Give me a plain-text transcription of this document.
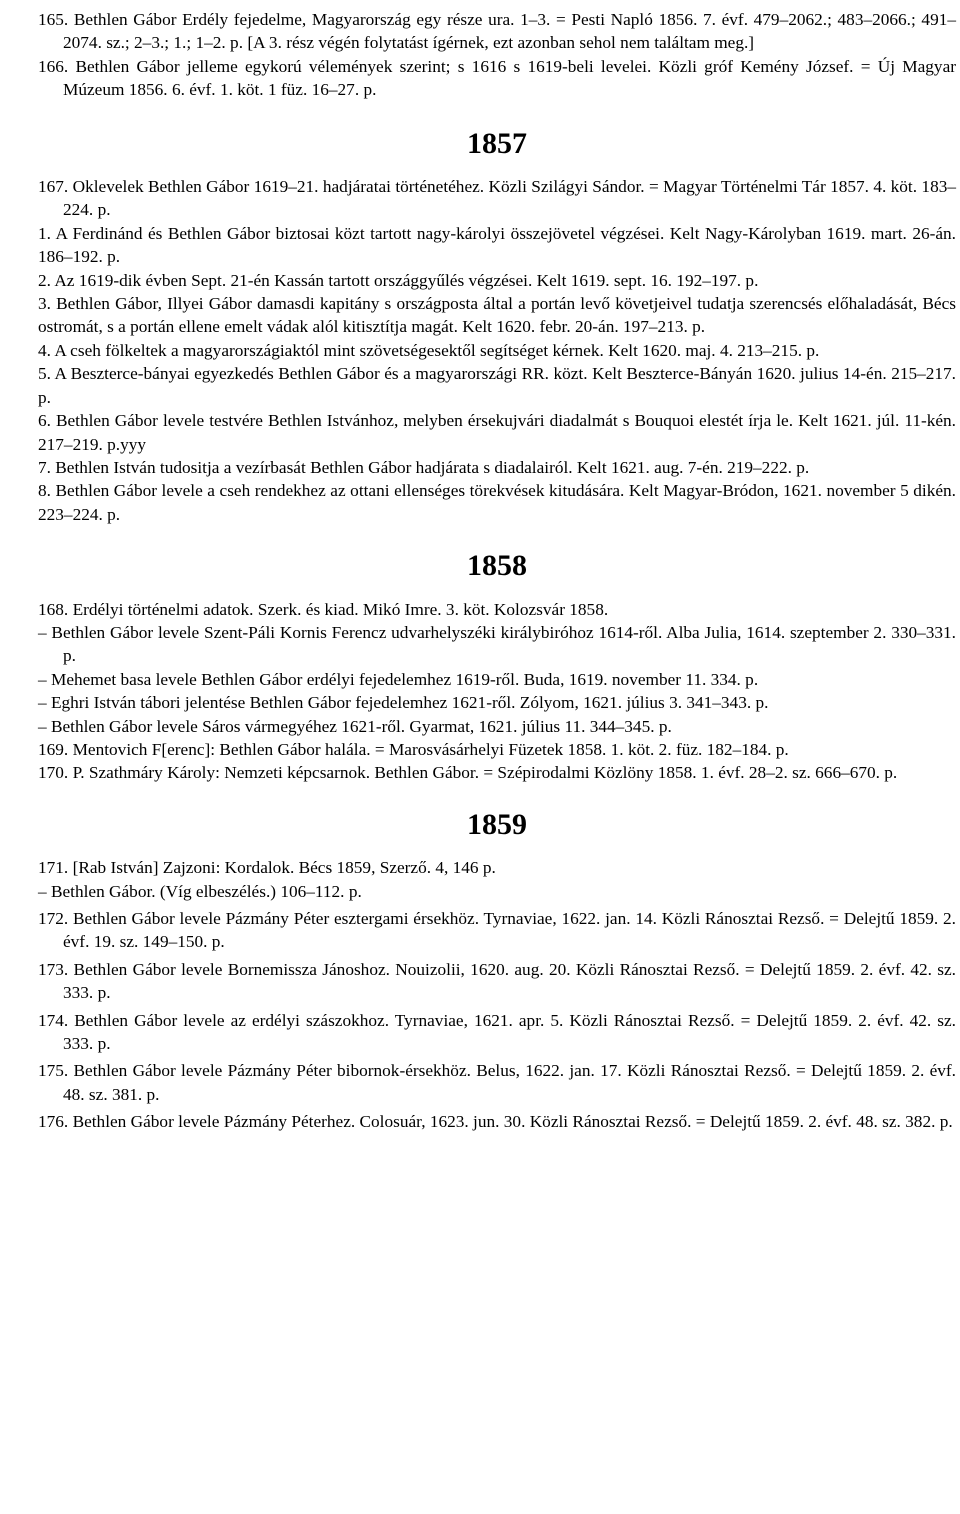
165. Bethlen Gábor Erdély fejedelme, Magyarország egy része ura. 1–3. = Pesti Napló 1856. 7. évf. 479–2062.; 483–2066.; 491–2074. sz.; 2–3.; 1.; 1–2. p. [A 3. rész végén folytatást ígérnek, ezt azonban sehol nem találtam meg.]

166. Bethlen Gábor jelleme egykorú vélemények szerint; s 1616 s 1619-beli levelei. Közli gróf Kemény József. = Új Magyar Múzeum 1856. 6. évf. 1. köt. 1 füz. 16–27. p.

1857

167. Oklevelek Bethlen Gábor 1619–21. hadjáratai történetéhez. Közli Szilágyi Sándor. = Magyar Történelmi Tár 1857. 4. köt. 183–224. p.

1. A Ferdinánd és Bethlen Gábor biztosai közt tartott nagy-károlyi összejövetel végzései. Kelt Nagy-Károlyban 1619. mart. 26-án. 186–192. p.

2. Az 1619-dik évben Sept. 21-én Kassán tartott országgyűlés végzései. Kelt 1619. sept. 16. 192–197. p.

3. Bethlen Gábor, Illyei Gábor damasdi kapitány s országposta által a portán levő követjeivel tudatja szerencsés előhaladását, Bécs ostromát, s a portán ellene emelt vádak alól kitisztítja magát. Kelt 1620. febr. 20-án. 197–213. p.

4. A cseh fölkeltek a magyarországiaktól mint szövetségesektől segítséget kérnek. Kelt 1620. maj. 4. 213–215. p.

5. A Beszterce-bányai egyezkedés Bethlen Gábor és a magyarországi RR. közt. Kelt Beszterce-Bányán 1620. julius 14-én. 215–217. p.

6. Bethlen Gábor levele testvére Bethlen Istvánhoz, melyben érsekujvári diadalmát s Bouquoi elestét írja le. Kelt 1621. júl. 11-kén. 217–219. p.yyy

7. Bethlen István tudositja a vezírbasát Bethlen Gábor hadjárata s diadalairól. Kelt 1621. aug. 7-én. 219–222. p.

8. Bethlen Gábor levele a cseh rendekhez az ottani ellenséges törekvések kitudására. Kelt Magyar-Bródon, 1621. november 5 dikén. 223–224. p.

1858

168. Erdélyi történelmi adatok. Szerk. és kiad. Mikó Imre. 3. köt. Kolozsvár 1858.

– Bethlen Gábor levele Szent-Páli Kornis Ferencz udvarhelyszéki királybiróhoz 1614-ről. Alba Julia, 1614. szeptember 2. 330–331. p.

– Mehemet basa levele Bethlen Gábor erdélyi fejedelemhez 1619-ről. Buda, 1619. november 11. 334. p.

– Eghri István tábori jelentése Bethlen Gábor fejedelemhez 1621-ről. Zólyom, 1621. július 3. 341–343. p.

– Bethlen Gábor levele Sáros vármegyéhez 1621-ről. Gyarmat, 1621. július 11. 344–345. p.

169. Mentovich F[erenc]: Bethlen Gábor halála. = Marosvásárhelyi Füzetek 1858. 1. köt. 2. füz. 182–184. p.

170. P. Szathmáry Károly: Nemzeti képcsarnok. Bethlen Gábor. = Szépirodalmi Közlöny 1858. 1. évf. 28–2. sz. 666–670. p.

1859

171. [Rab István] Zajzoni: Kordalok. Bécs 1859, Szerző. 4, 146 p.

– Bethlen Gábor. (Víg elbeszélés.) 106–112. p.

172. Bethlen Gábor levele Pázmány Péter esztergami érsekhöz. Tyrnaviae, 1622. jan. 14. Közli Ránosztai Rezső. = Delejtű 1859. 2. évf. 19. sz. 149–150. p.

173. Bethlen Gábor levele Bornemissza Jánoshoz. Nouizolii, 1620. aug. 20. Közli Ránosztai Rezső. = Delejtű 1859. 2. évf. 42. sz. 333. p.

174. Bethlen Gábor levele az erdélyi szászokhoz. Tyrnaviae, 1621. apr. 5. Közli Ránosztai Rezső. = Delejtű 1859. 2. évf. 42. sz. 333. p.

175. Bethlen Gábor levele Pázmány Péter bibornok-érsekhöz. Belus, 1622. jan. 17. Közli Ránosztai Rezső. = Delejtű 1859. 2. évf. 48. sz. 381. p.

176. Bethlen Gábor levele Pázmány Péterhez. Colosuár, 1623. jun. 30. Közli Ránosztai Rezső. = Delejtű 1859. 2. évf. 48. sz. 382. p.
